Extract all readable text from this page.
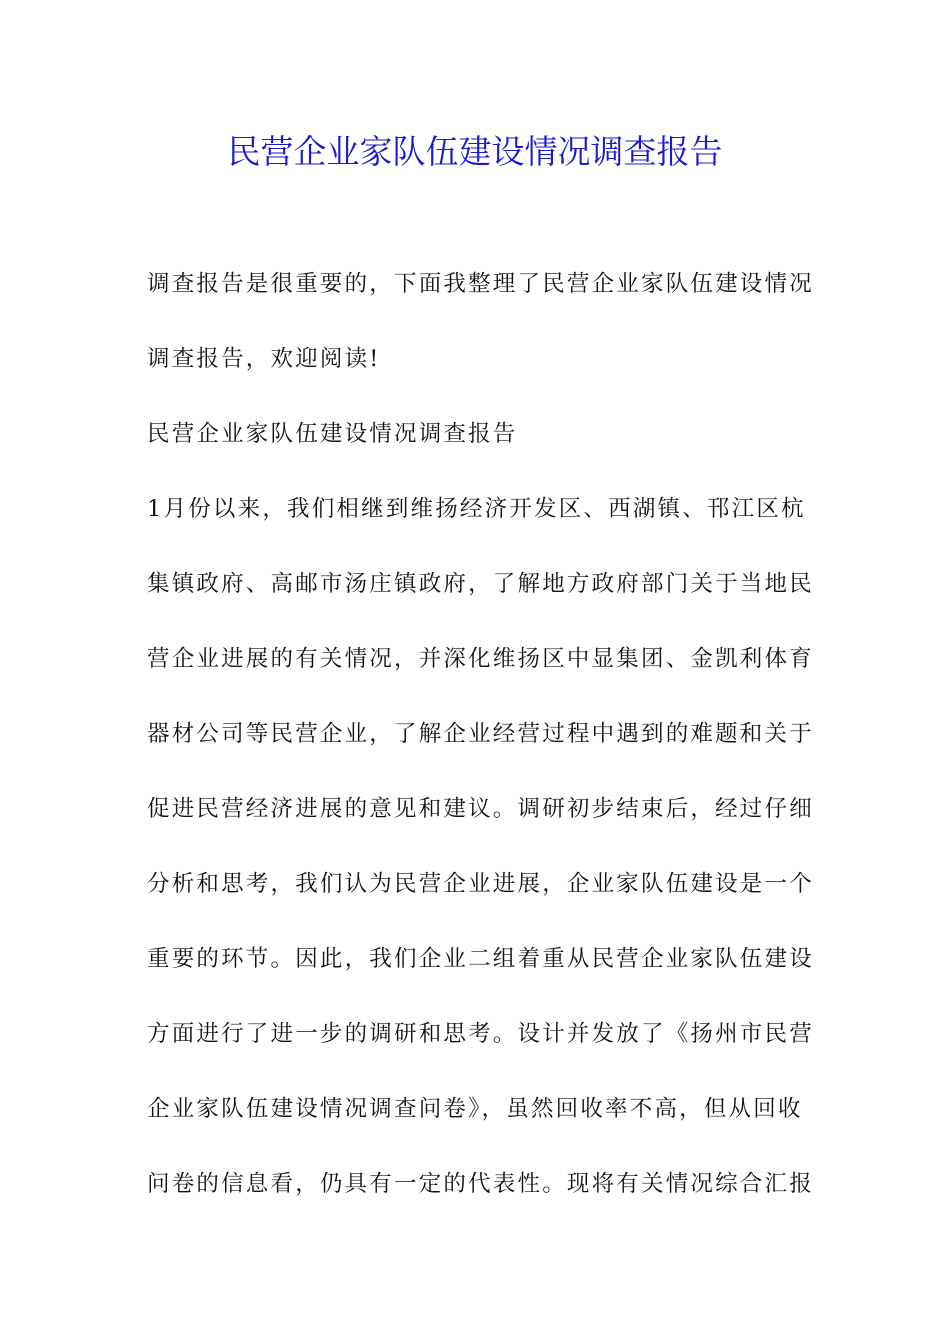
民营企业家队伍建设情况调查报告
调查报告是很重要的，下面我整理了民营企业家队伍建设情况
调查报告，欢迎阅读!
民营企业家队伍建设情况调查报告
1月份以来，我们相继到维扬经济开发区、西湖镇、邗江区杭
集镇政府、高邮市汤庄镇政府，了解地方政府部门关于当地民
营企业进展的有关情况，并深化维扬区中显集团、金凯利体育
器材公司等民营企业，了解企业经营过程中遇到的难题和关于
促进民营经济进展的意见和建议。调研初步结束后，经过仔细
分析和思考，我们认为民营企业进展，企业家队伍建设是一个
重要的环节。因此，我们企业二组着重从民营企业家队伍建设
方面进行了进一步的调研和思考。设计并发放了《扬州市民营
企业家队伍建设情况调查问卷》，虽然回收率不高，但从回收
问卷的信息看，仍具有一定的代表性。现将有关情况综合汇报
